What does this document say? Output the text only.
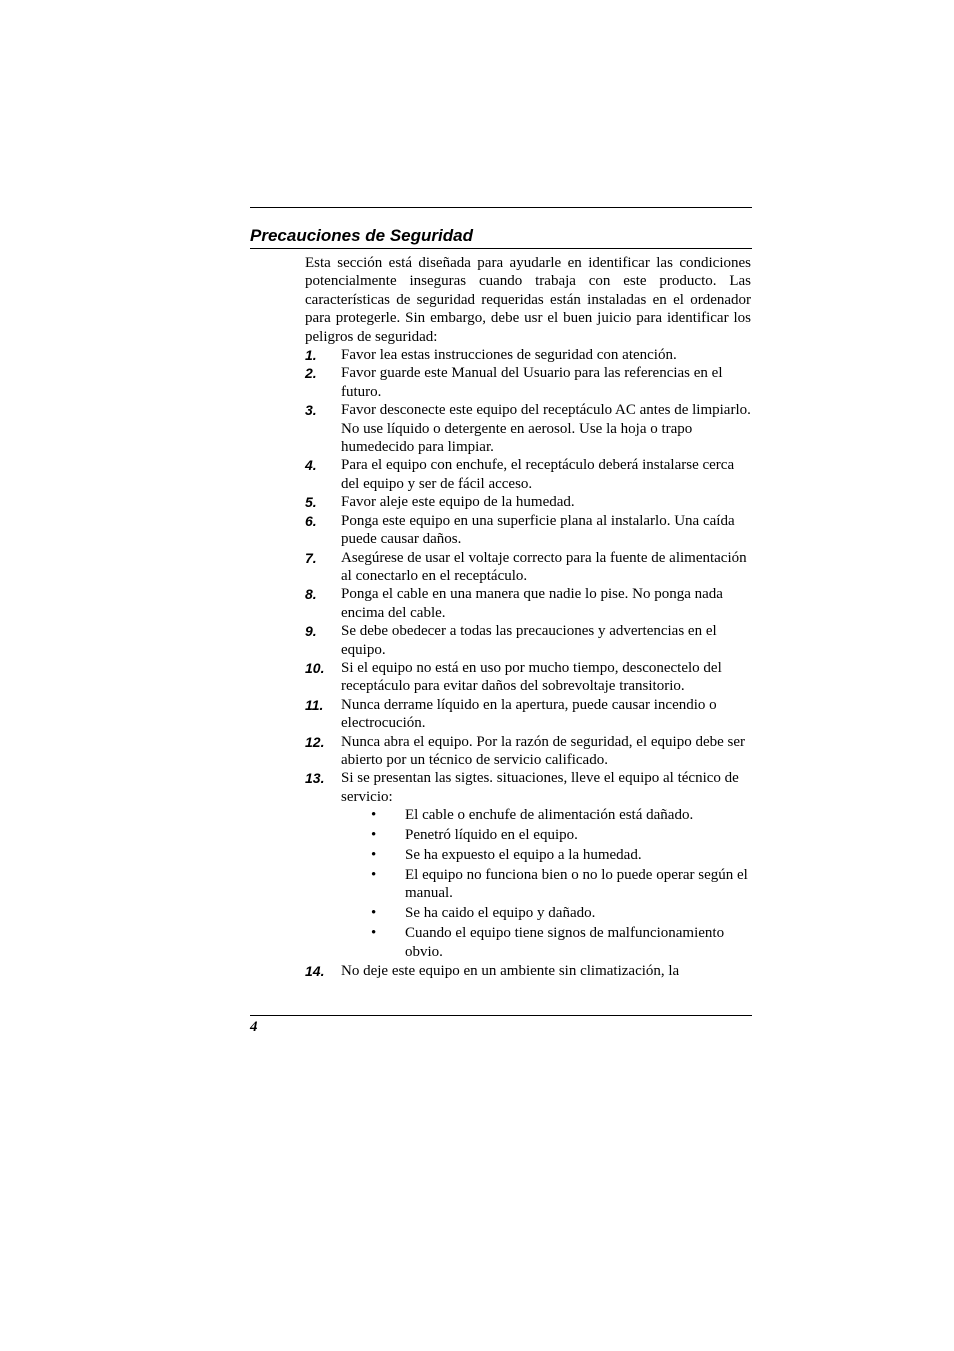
Precauciones de Seguridad

Esta sección está diseñada para ayudarle en identificar las condiciones potencialmente inseguras cuando trabaja con este producto. Las características de seguridad requeridas están instaladas en el ordenador para protegerle. Sin embargo, debe usr el buen juicio para identificar los peligros de seguridad:

1. Favor lea estas instrucciones de seguridad con atención.
2. Favor guarde este Manual del Usuario para las referencias en el futuro.
3. Favor desconecte este equipo del receptáculo AC antes de limpiarlo. No use líquido o detergente en aerosol. Use la hoja o trapo humedecido para limpiar.
4. Para el equipo con enchufe, el receptáculo deberá instalarse cerca del equipo y ser de fácil acceso.
5. Favor aleje este equipo de la humedad.
6. Ponga este equipo en una superficie plana al instalarlo. Una caída puede causar daños.
7. Asegúrese de usar el voltaje correcto para la fuente de alimentación al conectarlo en el receptáculo.
8. Ponga el cable en una manera que nadie lo pise. No ponga nada encima del cable.
9. Se debe obedecer a todas las precauciones y advertencias en el equipo.
10. Si el equipo no está en uso por mucho tiempo, desconectelo del receptáculo para evitar daños del sobrevoltaje transitorio.
11. Nunca derrame líquido en la apertura, puede causar incendio o electrocución.
12. Nunca abra el equipo. Por la razón de seguridad, el equipo debe ser abierto por un técnico de servicio calificado.
13. Si se presentan las sigtes. situaciones, lleve el equipo al técnico de servicio:
• El cable o enchufe de alimentación está dañado.
• Penetró líquido en el equipo.
• Se ha expuesto el equipo a la humedad.
• El equipo no funciona bien o no lo puede operar según el manual.
• Se ha caido el equipo y dañado.
• Cuando el equipo tiene signos de malfuncionamiento obvio.
14. No deje este equipo en un ambiente sin climatización, la
4
